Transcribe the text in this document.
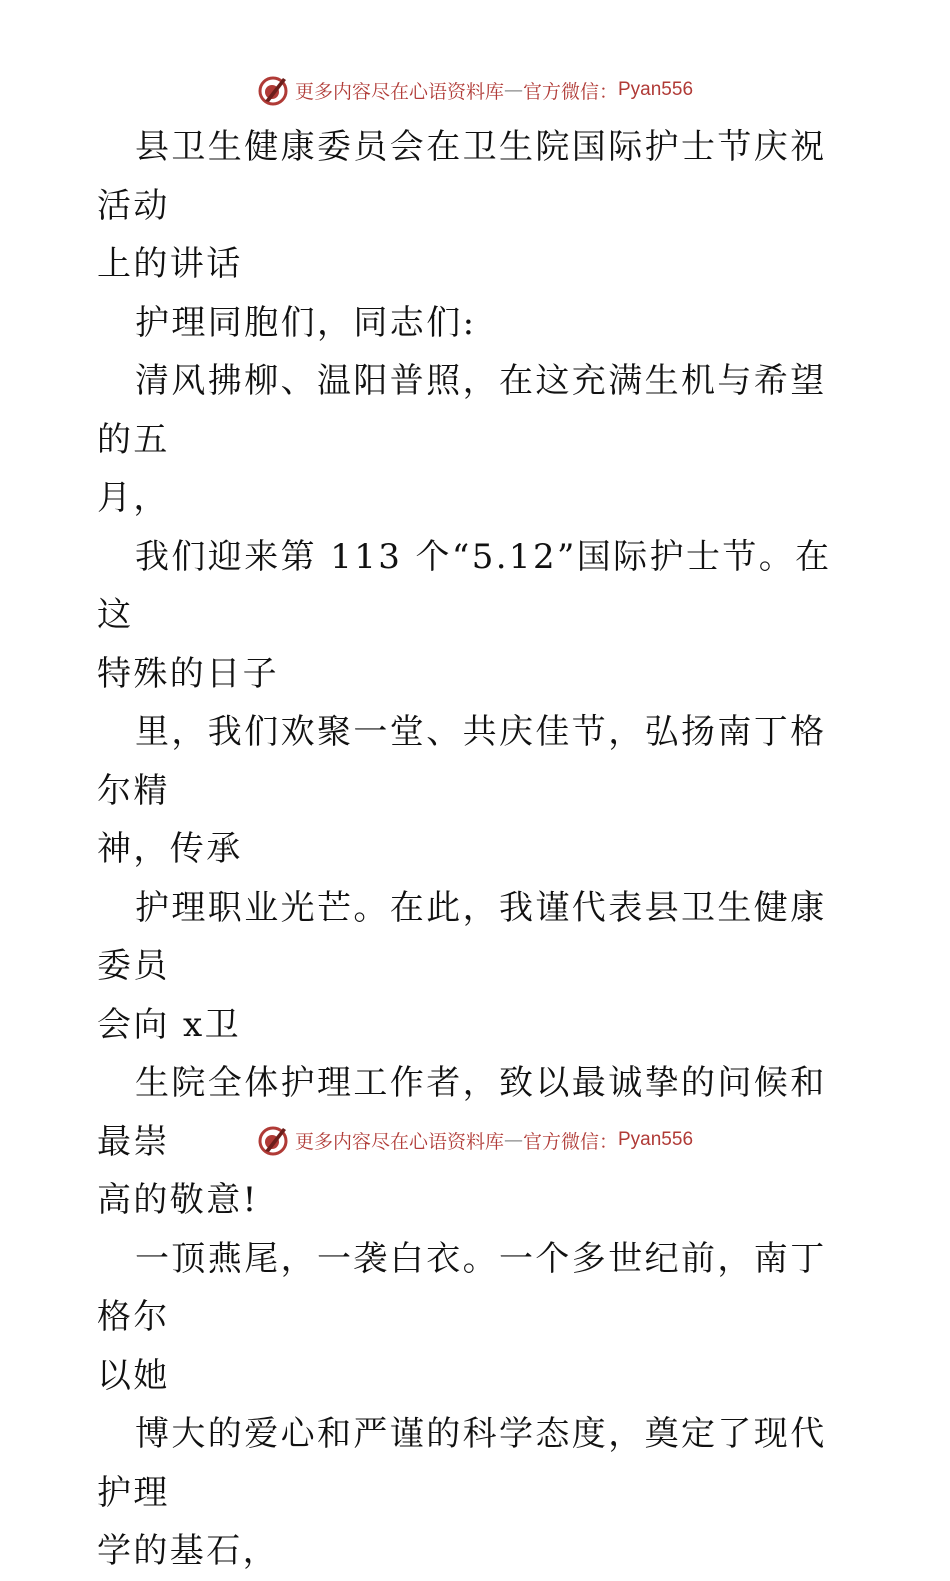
更多内容尽在心语资料库 — 官方微信： Pyan556

县卫生健康委员会在卫生院国际护士节庆祝活动
上的讲话

护理同胞们，同志们:

清风拂柳、温阳普照，在这充满生机与希望的五
月，

我们迎来第 113 个“5.12”国际护士节。在这
特殊的日子

里，我们欢聚一堂、共庆佳节，弘扬南丁格尔精
神，传承

护理职业光芒。在此，我谨代表县卫生健康委员
会向 x卫

生院全体护理工作者，致以最诚挚的问候和最崇
高的敬意!

一顶燕尾，一袭白衣。一个多世纪前，南丁格尔
以她

博大的爱心和严谨的科学态度，奠定了现代护理
学的基石，

更多内容尽在心语资料库 — 官方微信： Pyan556
